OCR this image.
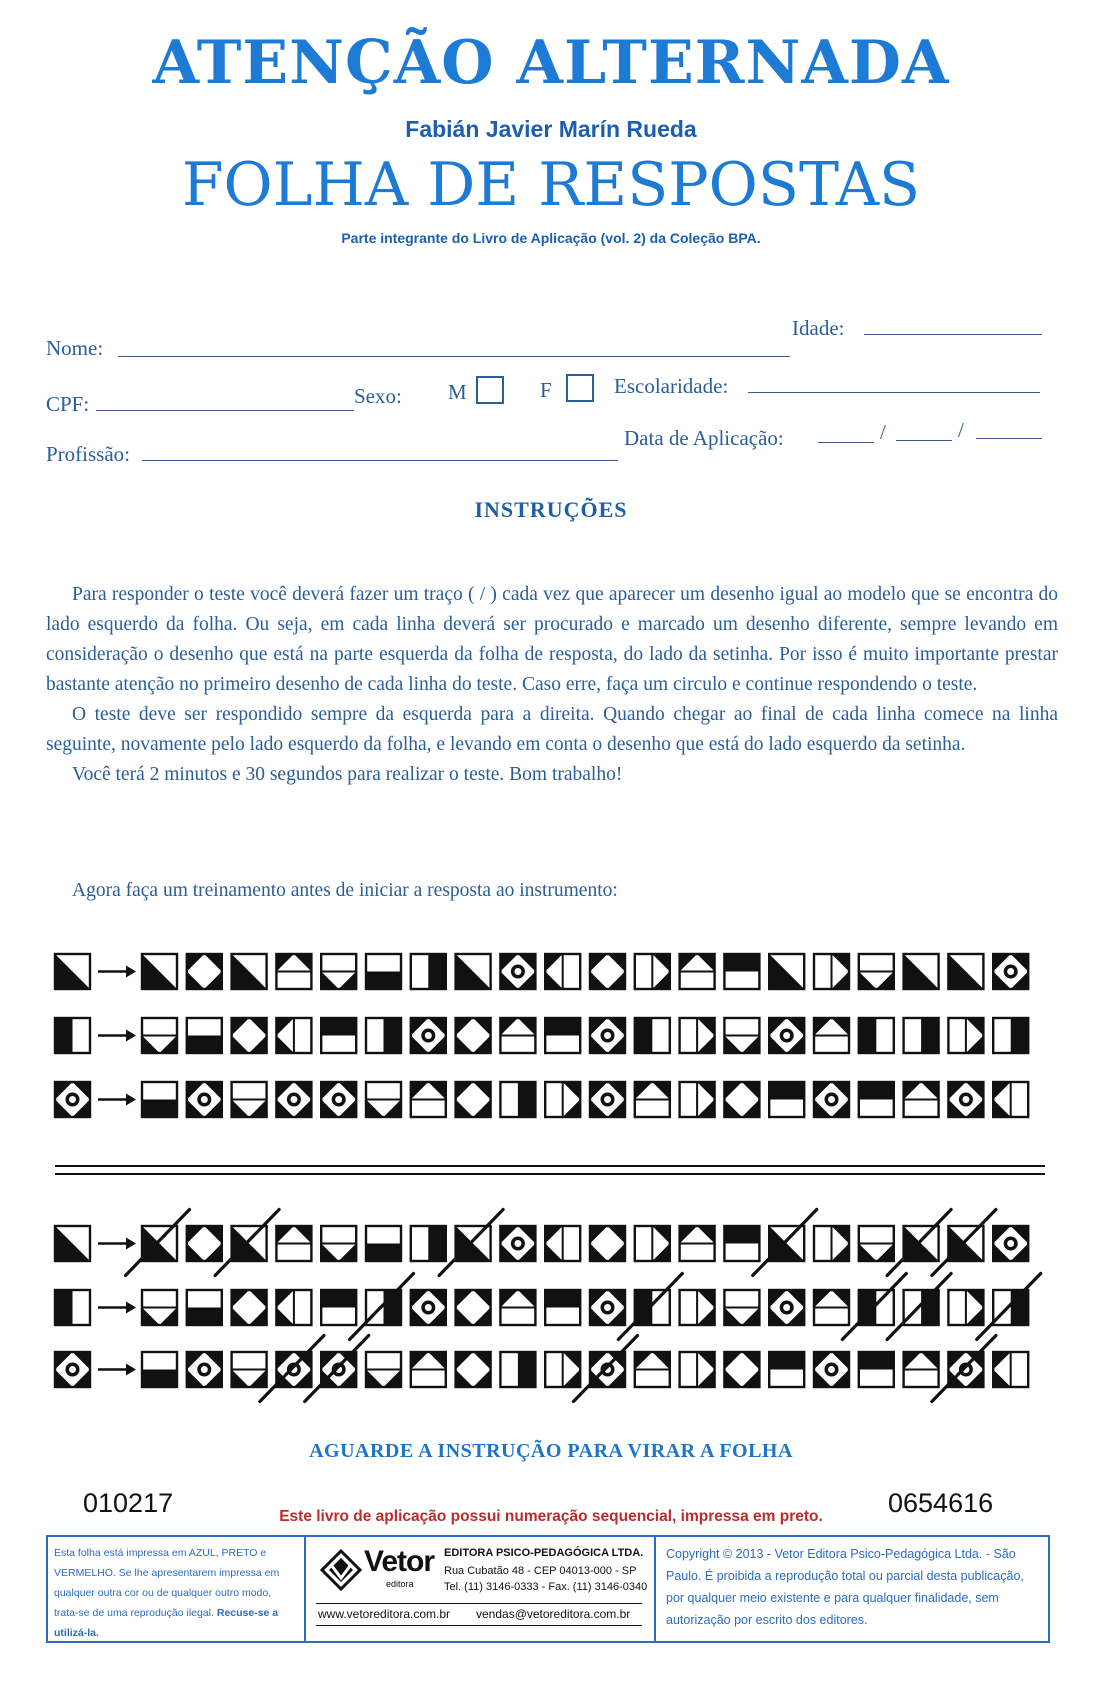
ATENÇÃO ALTERNADA
Fabián Javier Marín Rueda
FOLHA DE RESPOSTAS
Parte integrante do Livro de Aplicação (vol. 2) da Coleção BPA.
Nome:
Idade:
CPF:	Sexo: M	F	Escolaridade:
Profissão:
Data de Aplicação:	/	/
INSTRUÇÕES

Para responder o teste você deverá fazer um traço ( / ) cada vez que aparecer um desenho igual ao modelo que se encontra do lado esquerdo da folha. Ou seja, em cada linha deverá ser procurado e marcado um desenho diferente, sempre levando em consideração o desenho que está na parte esquerda da folha de resposta, do lado da setinha. Por isso é muito importante prestar bastante atenção no primeiro desenho de cada linha do teste. Caso erre, faça um circulo e continue respondendo o teste.

O teste deve ser respondido sempre da esquerda para a direita. Quando chegar ao final de cada linha comece na linha seguinte, novamente pelo lado esquerdo da folha, e levando em conta o desenho que está do lado esquerdo da setinha.

Você terá 2 minutos e 30 segundos para realizar o teste. Bom trabalho!

Agora faça um treinamento antes de iniciar a resposta ao instrumento:
AGUARDE A INSTRUÇÃO PARA VIRAR A FOLHA
010217	0654616
Este livro de aplicação possui numeração sequencial, impressa em preto.
Esta folha está impressa em AZUL, PRETO e VERMELHO. Se lhe apresentarem impressa em qualquer outra cor ou de qualquer outro modo, trata-se de uma reprodução ilegal. Recuse-se a utilizá-la.
Vetor
editora
EDITORA PSICO-PEDAGÓGICA LTDA.
Rua Cubatão 48 - CEP 04013-000 - SP
Tel. (11) 3146-0333 - Fax. (11) 3146-0340
www.vetoreditora.com.br vendas@vetoreditora.com.br
Copyright © 2013 - Vetor Editora Psico-Pedagógica Ltda. - São Paulo. É proibida a reprodução total ou parcial desta publicação, por qualquer meio existente e para qualquer finalidade, sem autorização por escrito dos editores.
